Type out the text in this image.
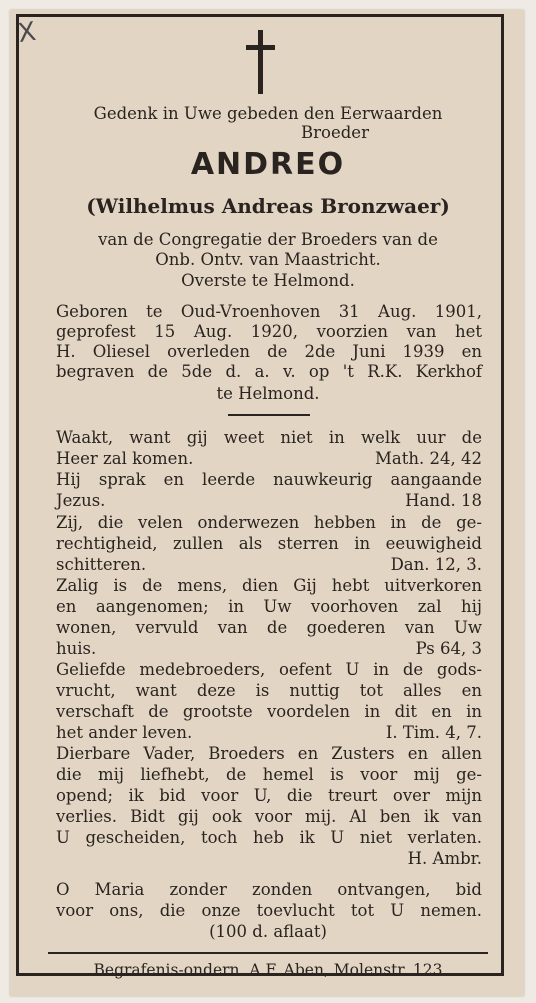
X
Gedenk in Uwe gebeden den Eerwaarden
Broeder
ANDREO
(Wilhelmus Andreas Bronzwaer)
van de Congregatie der Broeders van de
Onb. Ontv. van Maastricht.
Overste te Helmond.
Geboren te Oud-Vroenhoven 31 Aug. 1901,
geprofest 15 Aug. 1920, voorzien van het
H. Oliesel overleden de 2de Juni 1939 en
begraven de 5de d. a. v. op 't R.K. Kerkhof
te Helmond.
Waakt, want gij weet niet in welk uur de
Heer zal komen.	Math. 24, 42
Hij sprak en leerde nauwkeurig aangaande
Jezus.	Hand. 18
Zij, die velen onderwezen hebben in de ge-
rechtigheid, zullen als sterren in eeuwigheid
schitteren.	Dan. 12, 3.
Zalig is de mens, dien Gij hebt uitverkoren
en aangenomen; in Uw voorhoven zal hij
wonen, vervuld van de goederen van Uw
huis.	Ps 64, 3
Geliefde medebroeders, oefent U in de gods-
vrucht, want deze is nuttig tot alles en
verschaft de grootste voordelen in dit en in
het ander leven.	I. Tim. 4, 7.
Dierbare Vader, Broeders en Zusters en allen
die mij liefhebt, de hemel is voor mij ge-
opend; ik bid voor U, die treurt over mijn
verlies. Bidt gij ook voor mij. Al ben ik van
U gescheiden, toch heb ik U niet verlaten.
H. Ambr.
O Maria zonder zonden ontvangen, bid
voor ons, die onze toevlucht tot U nemen.
(100 d. aflaat)
Begrafenis-ondern. A.F. Aben, Molenstr. 123
